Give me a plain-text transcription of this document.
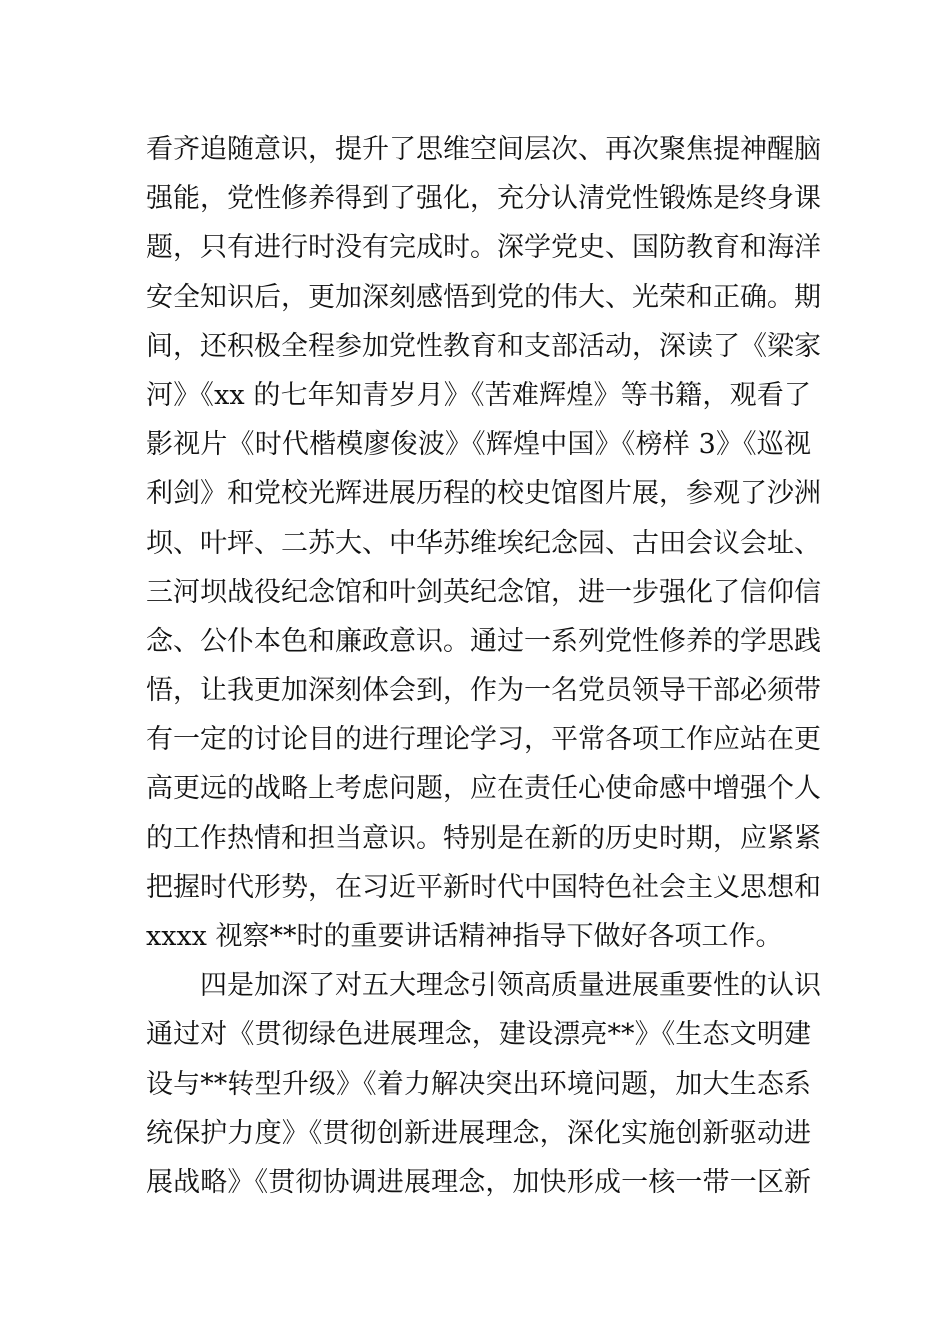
看齐追随意识，提升了思维空间层次、再次聚焦提神醒脑
强能，党性修养得到了强化，充分认清党性锻炼是终身课
题，只有进行时没有完成时。深学党史、国防教育和海洋
安全知识后，更加深刻感悟到党的伟大、光荣和正确。期
间，还积极全程参加党性教育和支部活动，深读了《梁家
河》《xx 的七年知青岁月》《苦难辉煌》等书籍，观看了
影视片《时代楷模廖俊波》《辉煌中国》《榜样 3》《巡视
利剑》和党校光辉进展历程的校史馆图片展，参观了沙洲
坝、叶坪、二苏大、中华苏维埃纪念园、古田会议会址、
三河坝战役纪念馆和叶剑英纪念馆，进一步强化了信仰信
念、公仆本色和廉政意识。通过一系列党性修养的学思践
悟，让我更加深刻体会到，作为一名党员领导干部必须带
有一定的讨论目的进行理论学习，平常各项工作应站在更
高更远的战略上考虑问题，应在责任心使命感中增强个人
的工作热情和担当意识。特别是在新的历史时期，应紧紧
把握时代形势，在习近平新时代中国特色社会主义思想和
xxxx 视察**时的重要讲话精神指导下做好各项工作。
　　四是加深了对五大理念引领高质量进展重要性的认识
通过对《贯彻绿色进展理念，建设漂亮**》《生态文明建
设与**转型升级》《着力解决突出环境问题，加大生态系
统保护力度》《贯彻创新进展理念，深化实施创新驱动进
展战略》《贯彻协调进展理念，加快形成一核一带一区新
